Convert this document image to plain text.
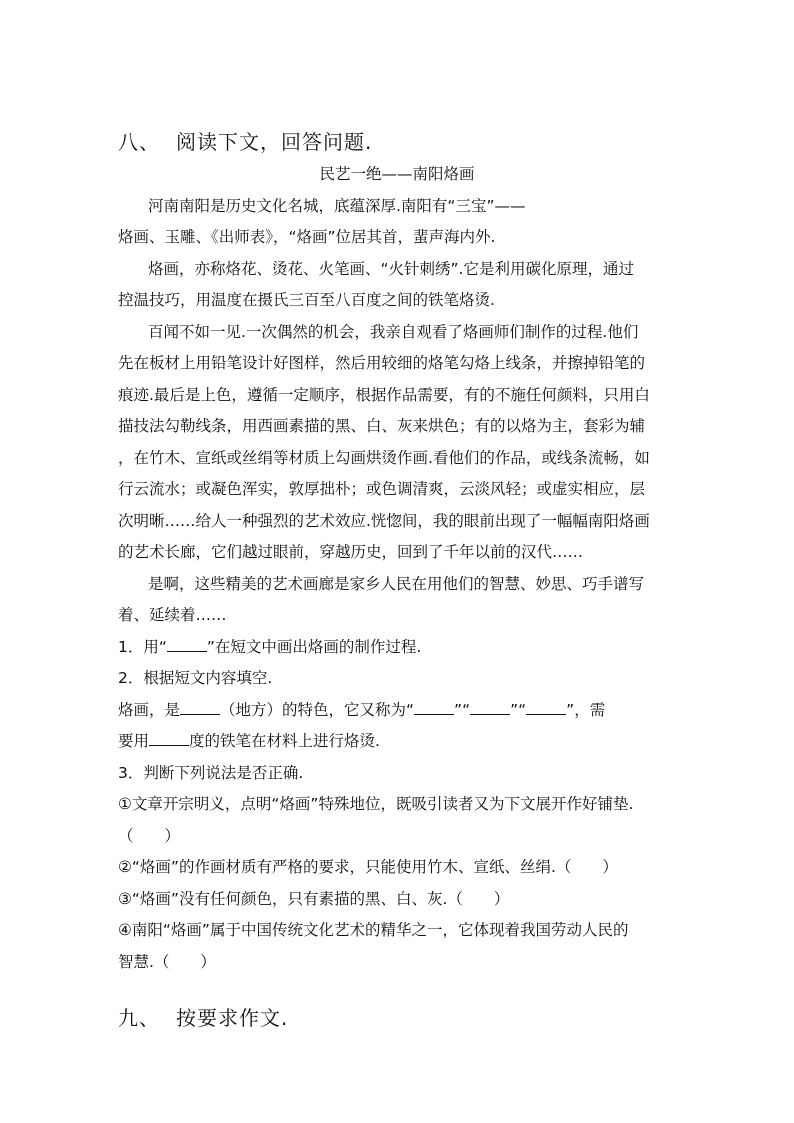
八、 阅读下文，回答问题.
民艺一绝——南阳烙画
河南南阳是历史文化名城，底蕴深厚.南阳有“三宝”——
烙画、玉雕、《出师表》，“烙画”位居其首，蜚声海内外.
烙画，亦称烙花、烫花、火笔画、“火针刺绣”.它是利用碳化原理，通过
控温技巧，用温度在摄氏三百至八百度之间的铁笔烙烫.
百闻不如一见.一次偶然的机会，我亲自观看了烙画师们制作的过程.他们
先在板材上用铅笔设计好图样，然后用较细的烙笔勾烙上线条，并擦掉铅笔的
痕迹.最后是上色，遵循一定顺序，根据作品需要，有的不施任何颜料，只用白
描技法勾勒线条，用西画素描的黑、白、灰来烘色；有的以烙为主，套彩为辅
，在竹木、宣纸或丝绢等材质上勾画烘烫作画.看他们的作品，或线条流畅，如
行云流水；或凝色浑实，敦厚拙朴；或色调清爽，云淡风轻；或虚实相应，层
次明晰……给人一种强烈的艺术效应.恍惚间，我的眼前出现了一幅幅南阳烙画
的艺术长廊，它们越过眼前，穿越历史，回到了千年以前的汉代……
是啊，这些精美的艺术画廊是家乡人民在用他们的智慧、妙思、巧手谱写
着、延续着……
1．用“	”在短文中画出烙画的制作过程.
2．根据短文内容填空.
烙画，是	（地方）的特色，它又称为“	”“	”“	”，需
要用	度的铁笔在材料上进行烙烫.
3．判断下列说法是否正确.
①文章开宗明义，点明“烙画”特殊地位，既吸引读者又为下文展开作好铺垫.
（　　）
②“烙画”的作画材质有严格的要求，只能使用竹木、宣纸、丝绢.（　　）
③“烙画”没有任何颜色，只有素描的黑、白、灰.（　　）
④南阳“烙画”属于中国传统文化艺术的精华之一，它体现着我国劳动人民的
智慧.（　　）
九、 按要求作文.
